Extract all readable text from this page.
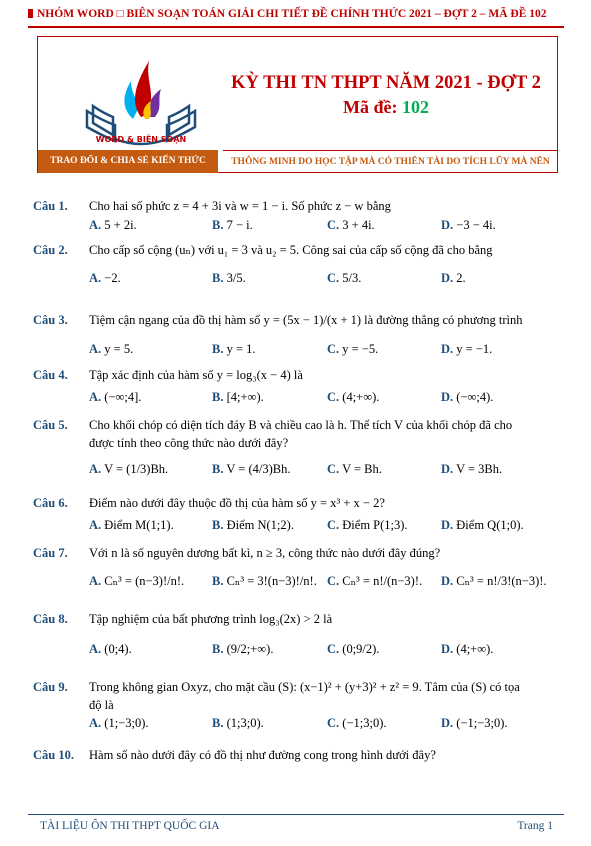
NHÓM WORD □ BIÊN SOẠN TOÁN GIẢI CHI TIẾT ĐỀ CHÍNH THỨC 2021 – ĐỢT 2 – MÃ ĐỀ 102
WORD & BIÊN SOẠN
KỲ THI TN THPT NĂM 2021 - ĐỢT 2
Mã đề: 102
TRAO ĐỔI & CHIA SẺ KIẾN THỨC	THÔNG MINH DO HỌC TẬP MÀ CÓ THIÊN TÀI DO TÍCH LŨY MÀ NÊN
Câu 1.	Cho hai số phức z = 4 + 3i và w = 1 − i. Số phức z − w bằng
A. 5 + 2i.	B. 7 − i.	C. 3 + 4i.	D. −3 − 4i.
Câu 2.	Cho cấp số cộng (uₙ) với u₁ = 3 và u₂ = 5. Công sai của cấp số cộng đã cho bằng
A. −2.	B. 3/5.	C. 5/3.	D. 2.
Câu 3.	Tiệm cận ngang của đồ thị hàm số y = (5x − 1)/(x + 1) là đường thẳng có phương trình
A. y = 5.	B. y = 1.	C. y = −5.	D. y = −1.
Câu 4.	Tập xác định của hàm số y = log₃(x − 4) là
A. (−∞;4].	B. [4;+∞).	C. (4;+∞).	D. (−∞;4).
Câu 5.	Cho khối chóp có diện tích đáy B và chiều cao là h. Thể tích V của khối chóp đã cho
được tính theo công thức nào dưới đây?
A. V = (1/3)Bh.	B. V = (4/3)Bh.	C. V = Bh.	D. V = 3Bh.
Câu 6.	Điểm nào dưới đây thuộc đồ thị của hàm số y = x³ + x − 2?
A. Điểm M(1;1).	B. Điểm N(1;2).	C. Điểm P(1;3).	D. Điểm Q(1;0).
Câu 7.	Với n là số nguyên dương bất kì, n ≥ 3, công thức nào dưới đây đúng?
A. Cₙ³ = (n−3)!/n!. B. Cₙ³ = 3!(n−3)!/n!. C. Cₙ³ = n!/(n−3)!. D. Cₙ³ = n!/3!(n−3)!.
Câu 8.	Tập nghiệm của bất phương trình log₃(2x) > 2 là
A. (0;4).	B. (9/2;+∞).	C. (0;9/2).	D. (4;+∞).
Câu 9.	Trong không gian Oxyz, cho mặt cầu (S): (x−1)² + (y+3)² + z² = 9. Tâm của (S) có tọa
độ là
A. (1;−3;0).	B. (1;3;0).	C. (−1;3;0).	D. (−1;−3;0).
Câu 10.	Hàm số nào dưới đây có đồ thị như đường cong trong hình dưới đây?
TÀI LIỆU ÔN THI THPT QUỐC GIA	Trang 1
